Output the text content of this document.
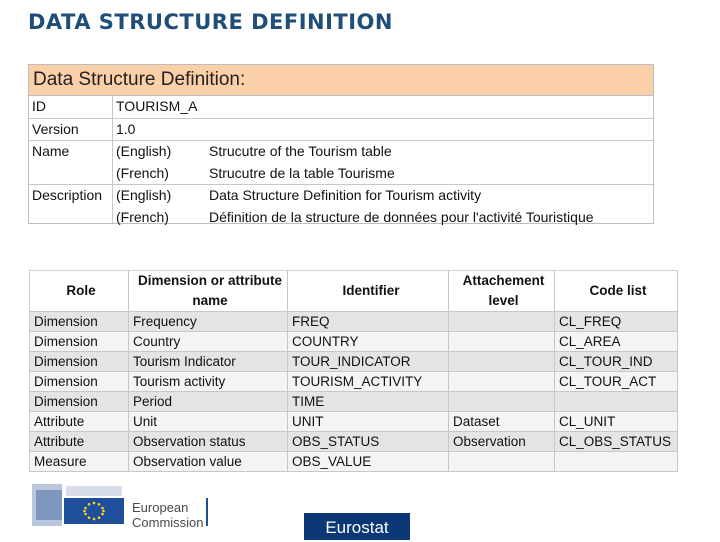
DATA STRUCTURE DEFINITION
Data Structure Definition:
ID	TOURISM_A
Version	1.0
Name	(English)	Strucutre of the Tourism table
(French)	Strucutre de la table Tourisme
Description (English)	Data Structure Definition for Tourism activity
(French)	Définition de la structure de données pour l'activité Touristique
Role	Dimension or attribute name	Identifier	Attachement level	Code list
Dimension	Frequency	FREQ		CL_FREQ
Dimension	Country	COUNTRY		CL_AREA
Dimension	Tourism Indicator	TOUR_INDICATOR		CL_TOUR_IND
Dimension	Tourism activity	TOURISM_ACTIVITY		CL_TOUR_ACT
Dimension	Period	TIME		
Attribute	Unit	UNIT	Dataset	CL_UNIT
Attribute	Observation status	OBS_STATUS	Observation	CL_OBS_STATUS
Measure	Observation value	OBS_VALUE		
European
Commission	Eurostat
